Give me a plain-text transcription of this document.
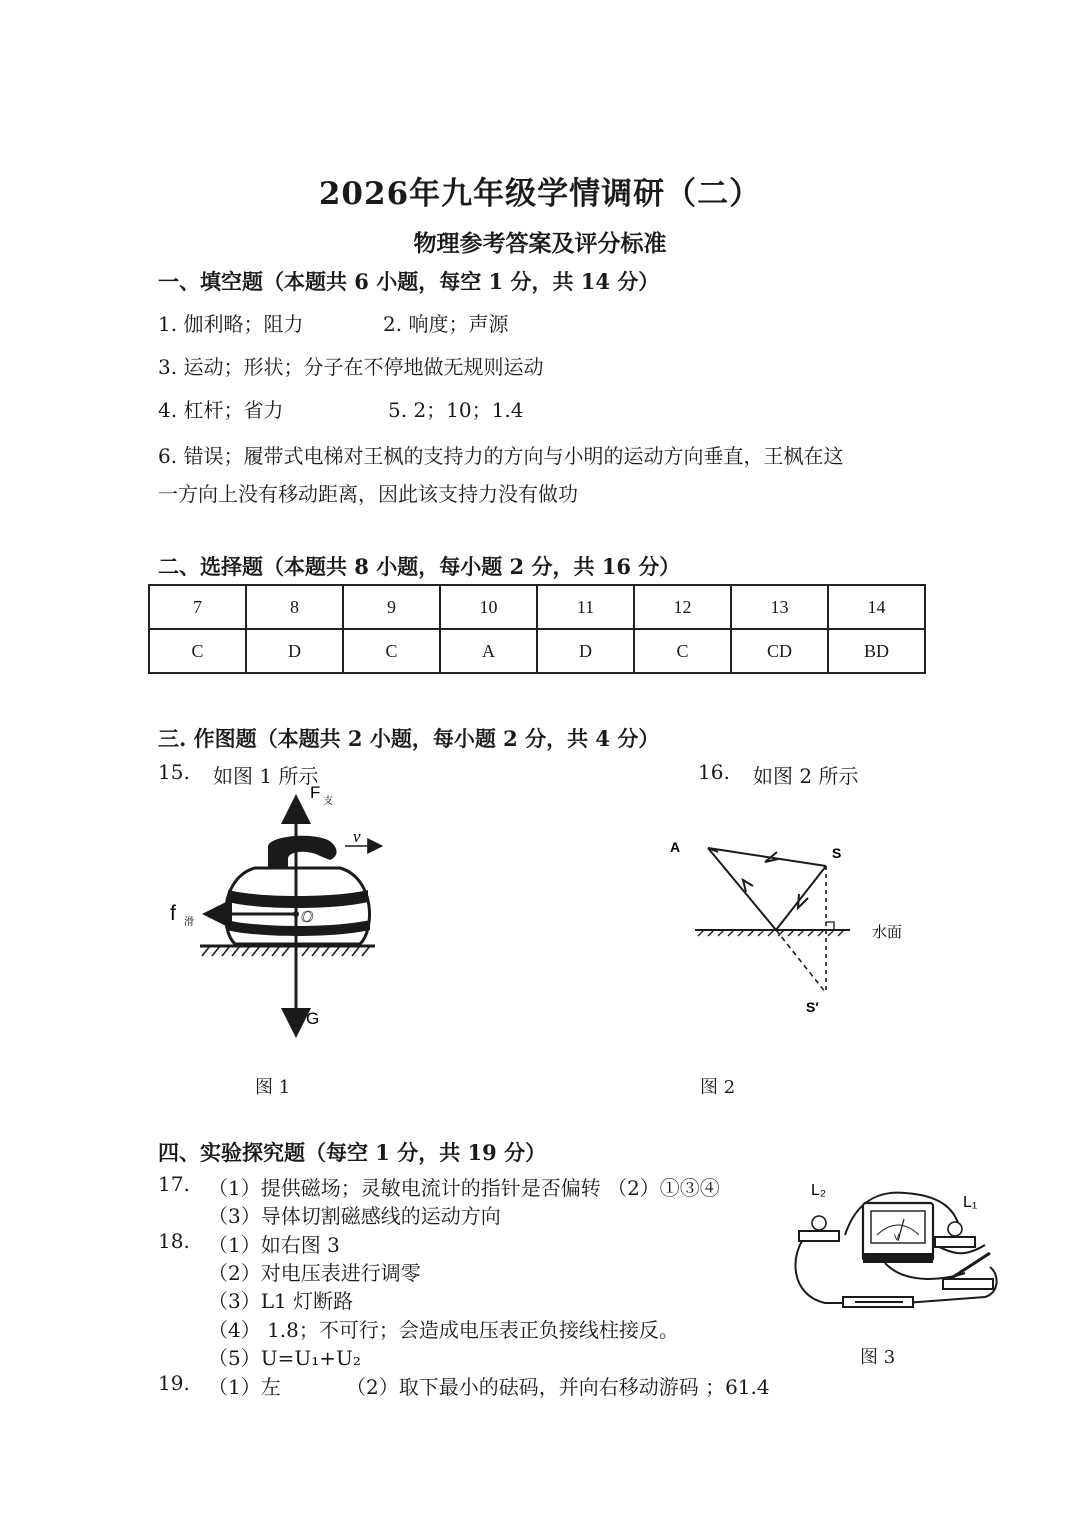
2026年九年级学情调研（二）
物理参考答案及评分标准
一、填空题（本题共 6 小题，每空 1 分，共 14 分）
1. 伽利略；阻力	2. 响度；声源
3. 运动；形状；分子在不停地做无规则运动
4. 杠杆；省力	5. 2；10；1.4
6. 错误；履带式电梯对王枫的支持力的方向与小明的运动方向垂直，王枫在这
一方向上没有移动距离，因此该支持力没有做功
二、选择题（本题共 8 小题，每小题 2 分，共 16 分）
7	8	9	10	11	12	13	14
C	D	C	A	D	C	CD	BD
三. 作图题（本题共 2 小题，每小题 2 分，共 4 分）
15. 如图 1 所示	16. 如图 2 所示
F 支
v
f 滑	O
G
图 1
A	S
S′
水面
图 2
四、实验探究题（每空 1 分，共 19 分）
17. （1）提供磁场；灵敏电流计的指针是否偏转 （2）①③④
（3）导体切割磁感线的运动方向
18. （1）如右图 3
（2）对电压表进行调零
（3）L1 灯断路
（4） 1.8；不可行；会造成电压表正负接线柱接反。
（5）U=U₁+U₂
19. （1）左	（2）取下最小的砝码，并向右移动游码 ；61.4
V
L₂
L₁
图 3
